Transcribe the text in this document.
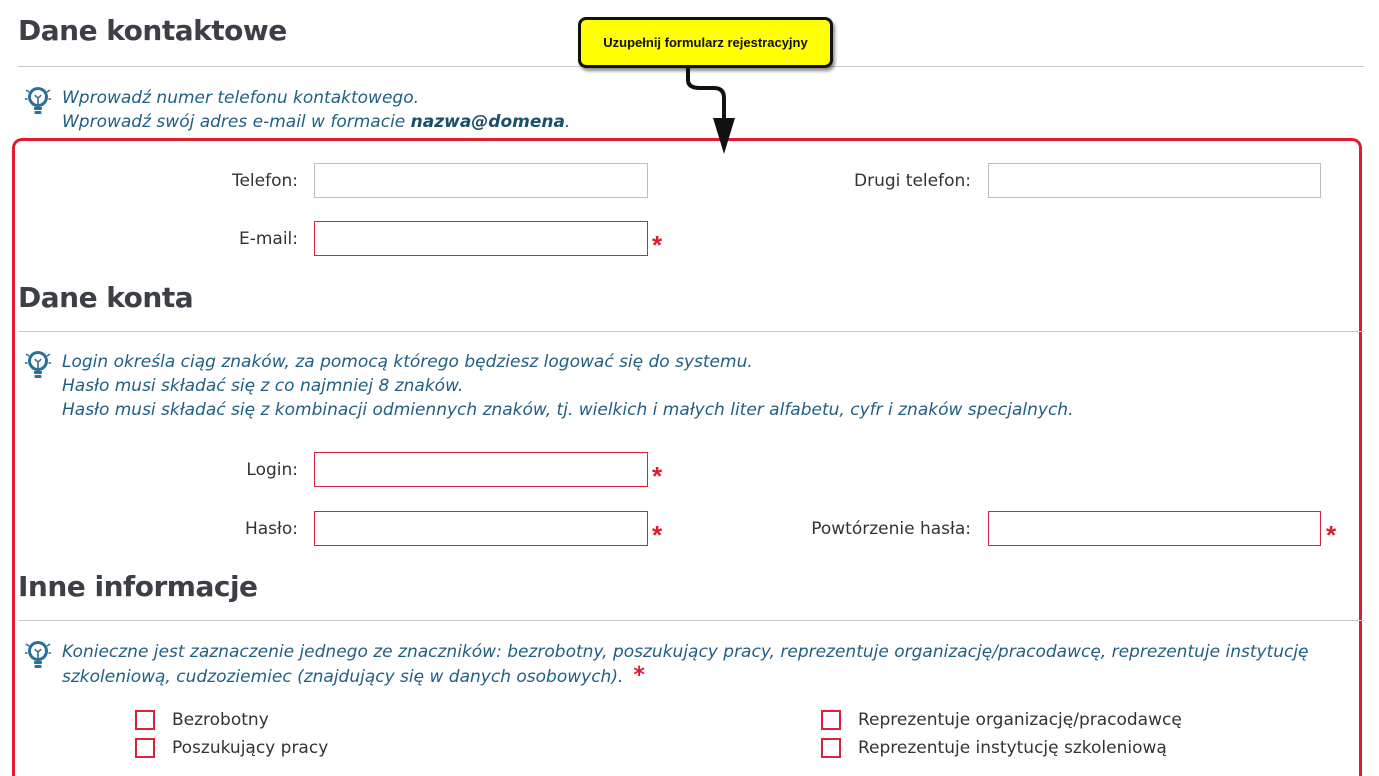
Dane kontaktowe
Wprowadź numer telefonu kontaktowego.
Wprowadź swój adres e-mail w formacie nazwa@domena.
Uzupełnij formularz rejestracyjny
Telefon:	Drugi telefon:
E-mail:	*
Dane konta
Login określa ciąg znaków, za pomocą którego będziesz logować się do systemu.
Hasło musi składać się z co najmniej 8 znaków.
Hasło musi składać się z kombinacji odmiennych znaków, tj. wielkich i małych liter alfabetu, cyfr i znaków specjalnych.
Login:	*
Hasło:	*	Powtórzenie hasła:	*
Inne informacje
Konieczne jest zaznaczenie jednego ze znaczników: bezrobotny, poszukujący pracy, reprezentuje organizację/pracodawcę, reprezentuje instytucję
szkoleniową, cudzoziemiec (znajdujący się w danych osobowych). *
Bezrobotny
Poszukujący pracy
Reprezentuje organizację/pracodawcę
Reprezentuje instytucję szkoleniową
